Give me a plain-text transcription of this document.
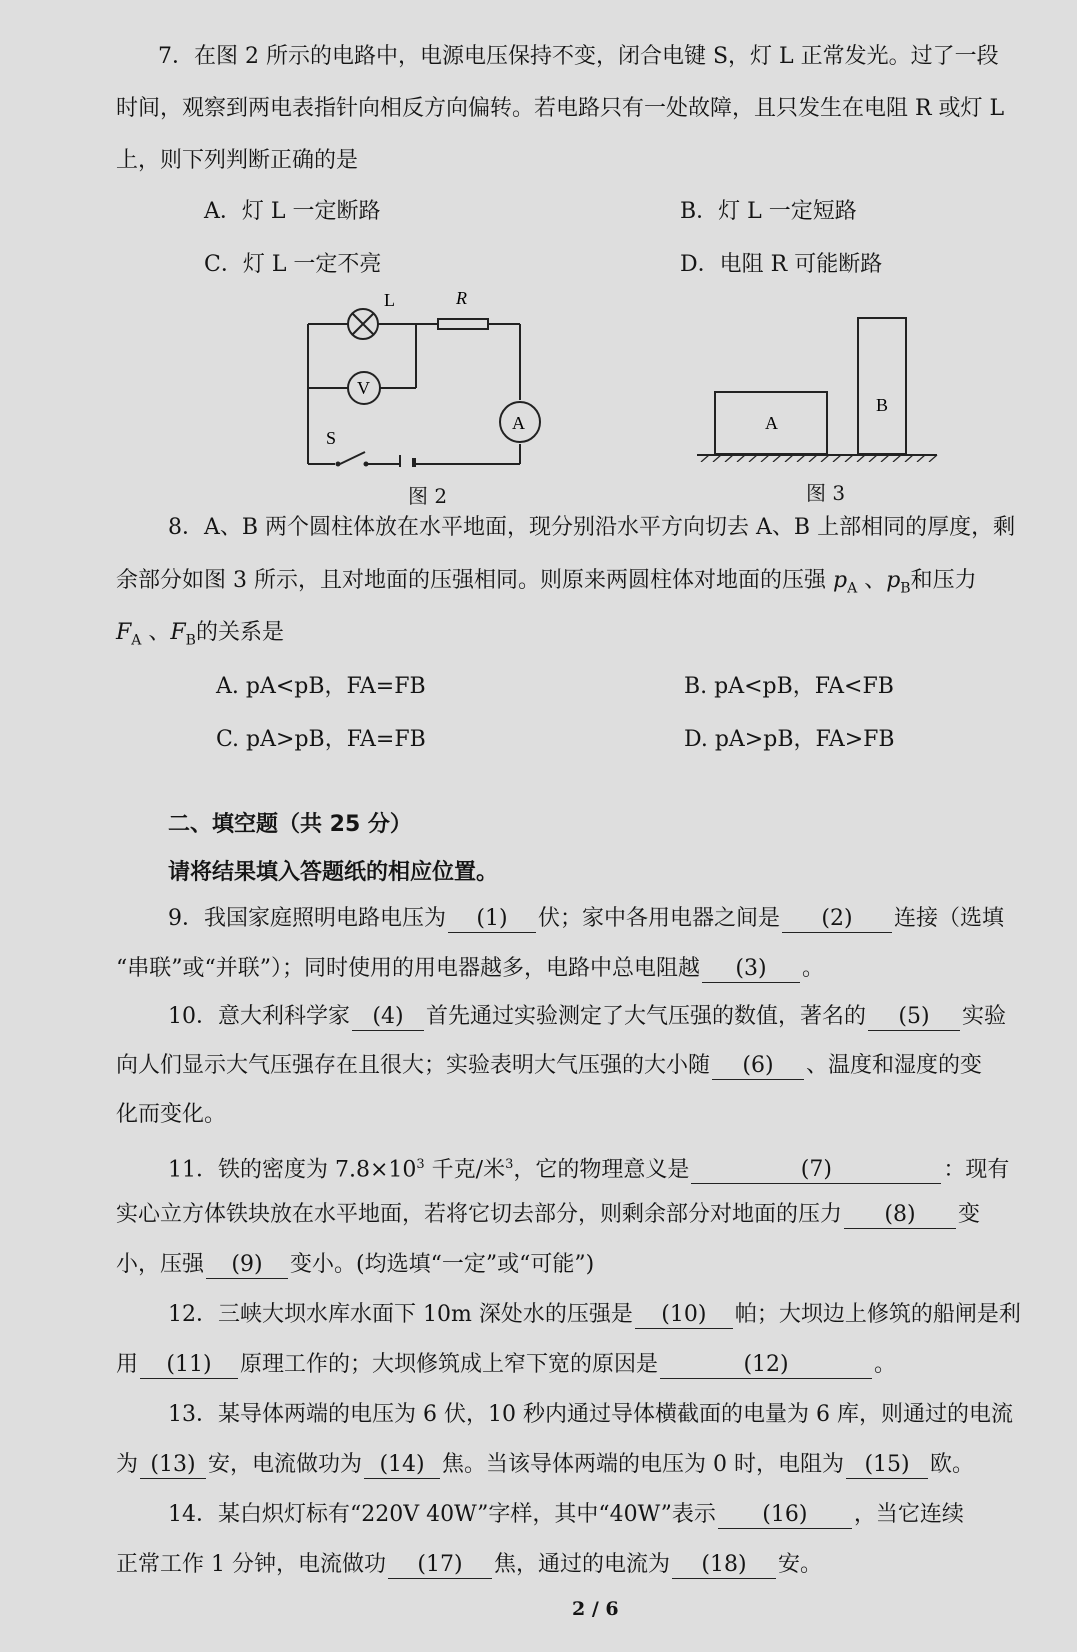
7．在图 2 所示的电路中，电源电压保持不变，闭合电键 S，灯 L 正常发光。过了一段
时间，观察到两电表指针向相反方向偏转。若电路只有一处故障，且只发生在电阻 R 或灯 L
上，则下列判断正确的是
A．灯 L 一定断路	B．灯 L 一定短路
C．灯 L 一定不亮	D．电阻 R 可能断路
L	R
V
A
S
图 2
A
B
图 3
8．A、B 两个圆柱体放在水平地面，现分别沿水平方向切去 A、B 上部相同的厚度，剩
余部分如图 3 所示，且对地面的压强相同。则原来两圆柱体对地面的压强 $p_A$ 、$p_B$和压力
$F_A$ 、$F_B$的关系是
A. pA<pB，FA=FB	B. pA<pB，FA<FB
C. pA>pB，FA=FB	D. pA>pB，FA>FB
二、填空题（共 25 分）
请将结果填入答题纸的相应位置。
9．我国家庭照明电路电压为 (1) 伏；家中各用电器之间是 (2) 连接（选填
“串联”或“并联”）；同时使用的用电器越多，电路中总电阻越 (3) 。
10．意大利科学家 (4) 首先通过实验测定了大气压强的数值，著名的 (5) 实验
向人们显示大气压强存在且很大；实验表明大气压强的大小随 (6) 、温度和湿度的变
化而变化。
11．铁的密度为 $7.8\times 10^3$ 千克/米$^3$，它的物理意义是	(7)	：现有
实心立方体铁块放在水平地面，若将它切去部分，则剩余部分对地面的压力 (8) 变
小，压强 (9) 变小。(均选填“一定”或“可能”)
12．三峡大坝水库水面下 10m 深处水的压强是 (10) 帕；大坝边上修筑的船闸是利
用 (11) 原理工作的；大坝修筑成上窄下宽的原因是	(12)	。
13．某导体两端的电压为 6 伏，10 秒内通过导体横截面的电量为 6 库，则通过的电流
为 (13) 安，电流做功为 (14) 焦。当该导体两端的电压为 0 时，电阻为 (15) 欧。
14．某白炽灯标有“220V 40W”字样，其中“40W”表示 (16) ，当它连续
正常工作 1 分钟，电流做功 (17) 焦，通过的电流为 (18) 安。
2 / 6
